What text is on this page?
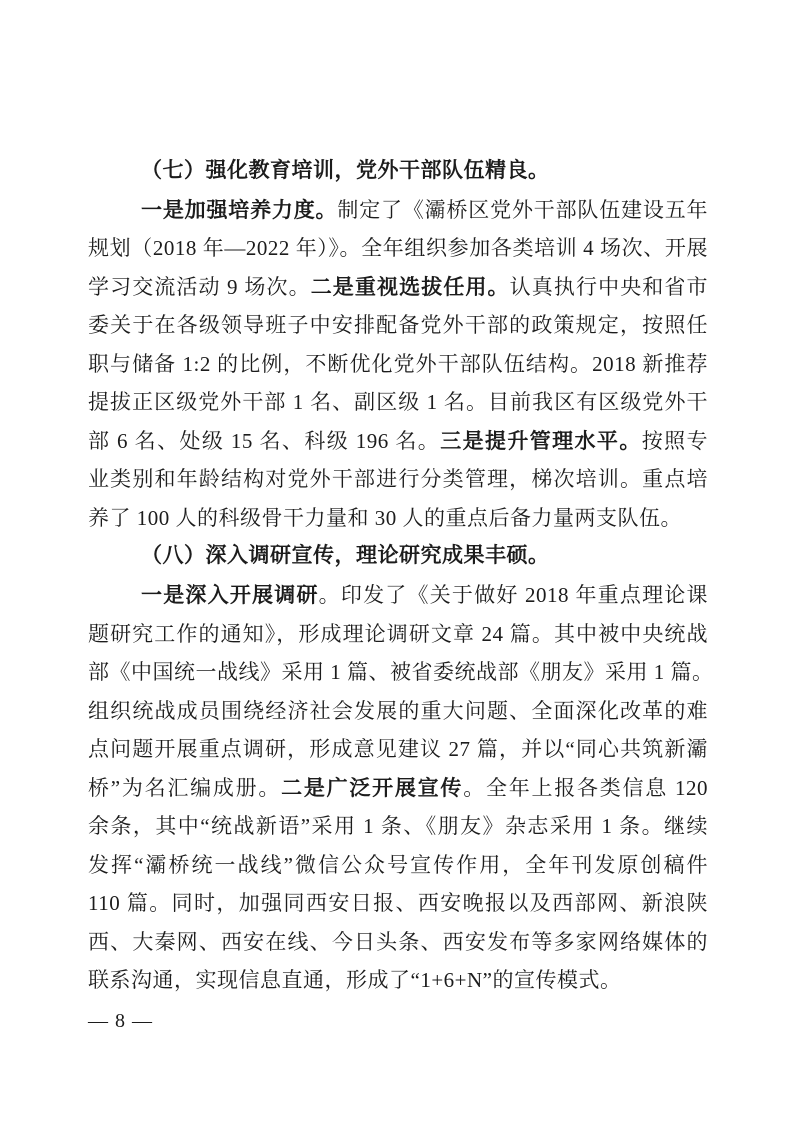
（七）强化教育培训，党外干部队伍精良。
一是加强培养力度。制定了《灞桥区党外干部队伍建设五年
规划（2018 年—2022 年）》。全年组织参加各类培训 4 场次、开展
学习交流活动 9 场次。二是重视选拔任用。认真执行中央和省市
委关于在各级领导班子中安排配备党外干部的政策规定，按照任
职与储备 1:2 的比例，不断优化党外干部队伍结构。2018 新推荐
提拔正区级党外干部 1 名、副区级 1 名。目前我区有区级党外干
部 6 名、处级 15 名、科级 196 名。三是提升管理水平。按照专
业类别和年龄结构对党外干部进行分类管理，梯次培训。重点培
养了 100 人的科级骨干力量和 30 人的重点后备力量两支队伍。
（八）深入调研宣传，理论研究成果丰硕。
一是深入开展调研。印发了《关于做好 2018 年重点理论课
题研究工作的通知》，形成理论调研文章 24 篇。其中被中央统战
部《中国统一战线》采用 1 篇、被省委统战部《朋友》采用 1 篇。
组织统战成员围绕经济社会发展的重大问题、全面深化改革的难
点问题开展重点调研，形成意见建议 27 篇，并以“同心共筑新灞
桥”为名汇编成册。二是广泛开展宣传。全年上报各类信息 120
余条，其中“统战新语”采用 1 条、《朋友》杂志采用 1 条。继续
发挥“灞桥统一战线”微信公众号宣传作用，全年刊发原创稿件
110 篇。同时，加强同西安日报、西安晚报以及西部网、新浪陕
西、大秦网、西安在线、今日头条、西安发布等多家网络媒体的
联系沟通，实现信息直通，形成了“1+6+N”的宣传模式。
— 8 —
